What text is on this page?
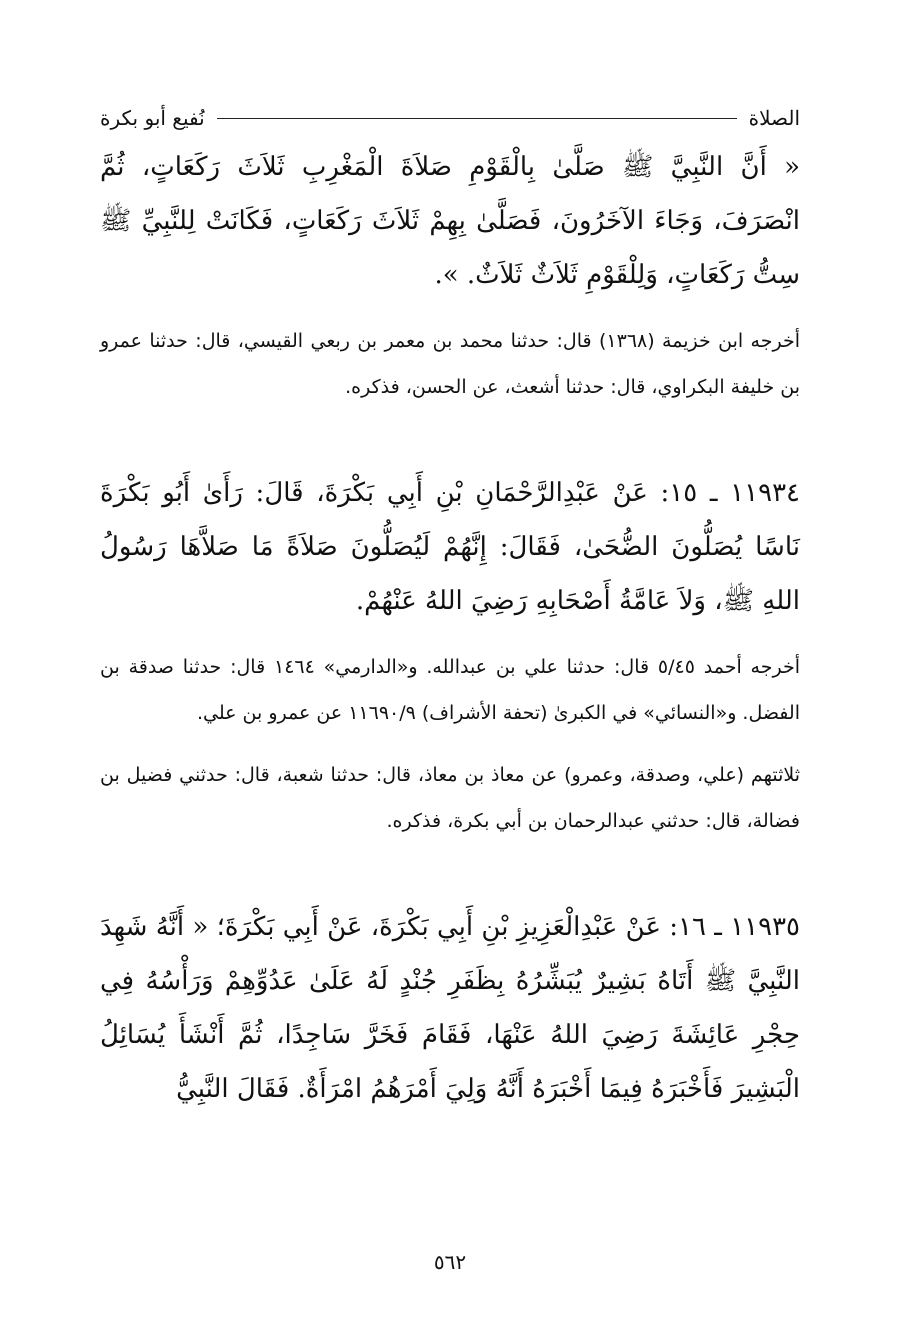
الصلاة
نُفيع أبو بكرة

« أَنَّ النَّبِيَّ ﷺ صَلَّىٰ بِالْقَوْمِ صَلاَةَ الْمَغْرِبِ ثَلاَثَ رَكَعَاتٍ، ثُمَّ انْصَرَفَ، وَجَاءَ الآخَرُونَ، فَصَلَّىٰ بِهِمْ ثَلاَثَ رَكَعَاتٍ، فَكَانَتْ لِلنَّبِيِّ ﷺ سِتُّ رَكَعَاتٍ، وَلِلْقَوْمِ ثَلاَثٌ ثَلاَثٌ. ».

أخرجه ابن خزيمة (١٣٦٨) قال: حدثنا محمد بن معمر بن ربعي القيسي، قال: حدثنا عمرو بن خليفة البكراوي، قال: حدثنا أشعث، عن الحسن، فذكره.

١١٩٣٤ ـ ١٥: عَنْ عَبْدِالرَّحْمَانِ بْنِ أَبِي بَكْرَةَ، قَالَ: رَأَىٰ أَبُو بَكْرَةَ نَاسًا يُصَلُّونَ الضُّحَىٰ، فَقَالَ: إِنَّهُمْ لَيُصَلُّونَ صَلاَةً مَا صَلاَّهَا رَسُولُ اللهِ ﷺ، وَلاَ عَامَّةُ أَصْحَابِهِ رَضِيَ اللهُ عَنْهُمْ.

أخرجه أحمد ٥/٤٥ قال: حدثنا علي بن عبدالله. و«الدارمي» ١٤٦٤ قال: حدثنا صدقة بن الفضل. و«النسائي» في الكبرىٰ (تحفة الأشراف) ١١٦٩٠/٩ عن عمرو بن علي.

ثلاثتهم (علي، وصدقة، وعمرو) عن معاذ بن معاذ، قال: حدثنا شعبة، قال: حدثني فضيل بن فضالة، قال: حدثني عبدالرحمان بن أبي بكرة، فذكره.

١١٩٣٥ ـ ١٦: عَنْ عَبْدِالْعَزِيزِ بْنِ أَبِي بَكْرَةَ، عَنْ أَبِي بَكْرَةَ؛ « أَنَّهُ شَهِدَ النَّبِيَّ ﷺ أَتَاهُ بَشِيرٌ يُبَشِّرُهُ بِظَفَرِ جُنْدٍ لَهُ عَلَىٰ عَدُوِّهِمْ وَرَأْسُهُ فِي حِجْرِ عَائِشَةَ رَضِيَ اللهُ عَنْهَا، فَقَامَ فَخَرَّ سَاجِدًا، ثُمَّ أَنْشَأَ يُسَائِلُ الْبَشِيرَ فَأَخْبَرَهُ فِيمَا أَخْبَرَهُ أَنَّهُ وَلِيَ أَمْرَهُمُ امْرَأَةٌ. فَقَالَ النَّبِيُّ

٥٦٢
